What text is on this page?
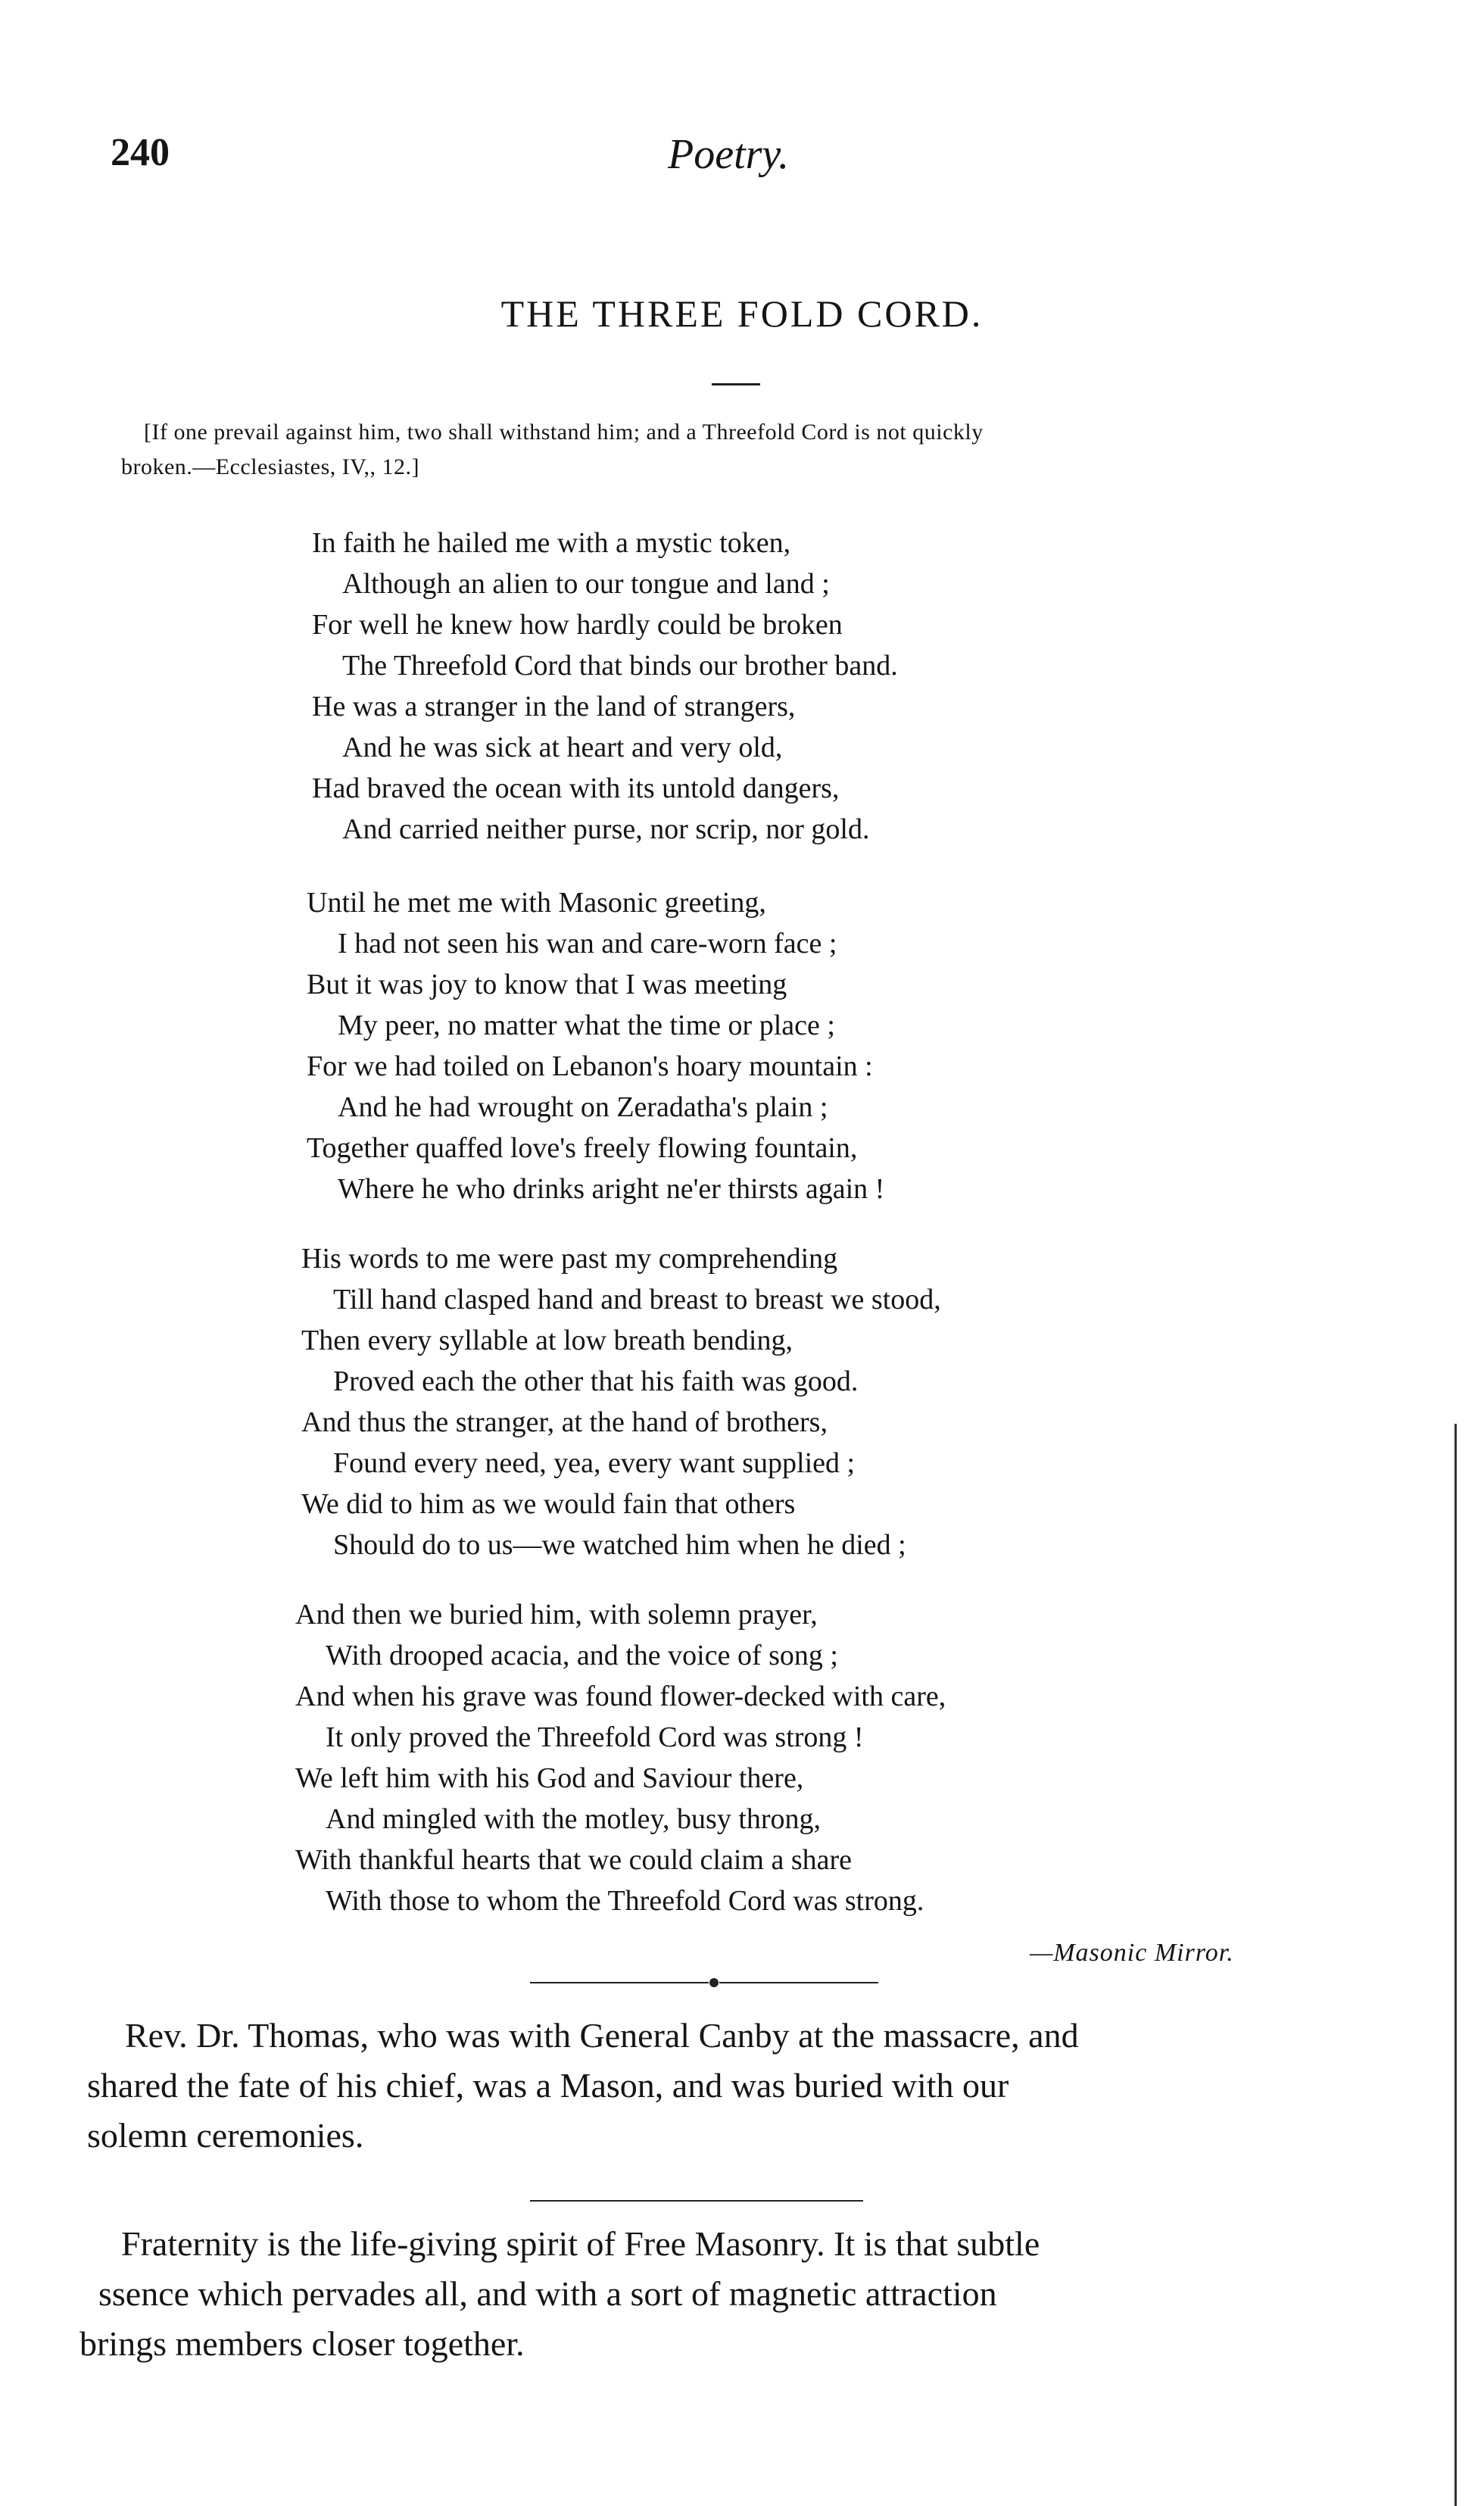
240	Poetry.
THE THREE FOLD CORD.
[If one prevail against him, two shall withstand him; and a Threefold Cord is not quickly
broken.—Ecclesiastes, IV,, 12.]
In faith he hailed me with a mystic token,
Although an alien to our tongue and land ;
For well he knew how hardly could be broken
The Threefold Cord that binds our brother band.
He was a stranger in the land of strangers,
And he was sick at heart and very old,
Had braved the ocean with its untold dangers,
And carried neither purse, nor scrip, nor gold.
Until he met me with Masonic greeting,
I had not seen his wan and care-worn face ;
But it was joy to know that I was meeting
My peer, no matter what the time or place ;
For we had toiled on Lebanon's hoary mountain :
And he had wrought on Zeradatha's plain ;
Together quaffed love's freely flowing fountain,
Where he who drinks aright ne'er thirsts again !
His words to me were past my comprehending
Till hand clasped hand and breast to breast we stood,
Then every syllable at low breath bending,
Proved each the other that his faith was good.
And thus the stranger, at the hand of brothers,
Found every need, yea, every want supplied ;
We did to him as we would fain that others
Should do to us—we watched him when he died ;
And then we buried him, with solemn prayer,
With drooped acacia, and the voice of song ;
And when his grave was found flower-decked with care,
It only proved the Threefold Cord was strong !
We left him with his God and Saviour there,
And mingled with the motley, busy throng,
With thankful hearts that we could claim a share
With those to whom the Threefold Cord was strong.
—Masonic Mirror.
Rev. Dr. Thomas, who was with General Canby at the massacre, and
shared the fate of his chief, was a Mason, and was buried with our
solemn ceremonies.
Fraternity is the life-giving spirit of Free Masonry. It is that subtle
ssence which pervades all, and with a sort of magnetic attraction
brings members closer together.
